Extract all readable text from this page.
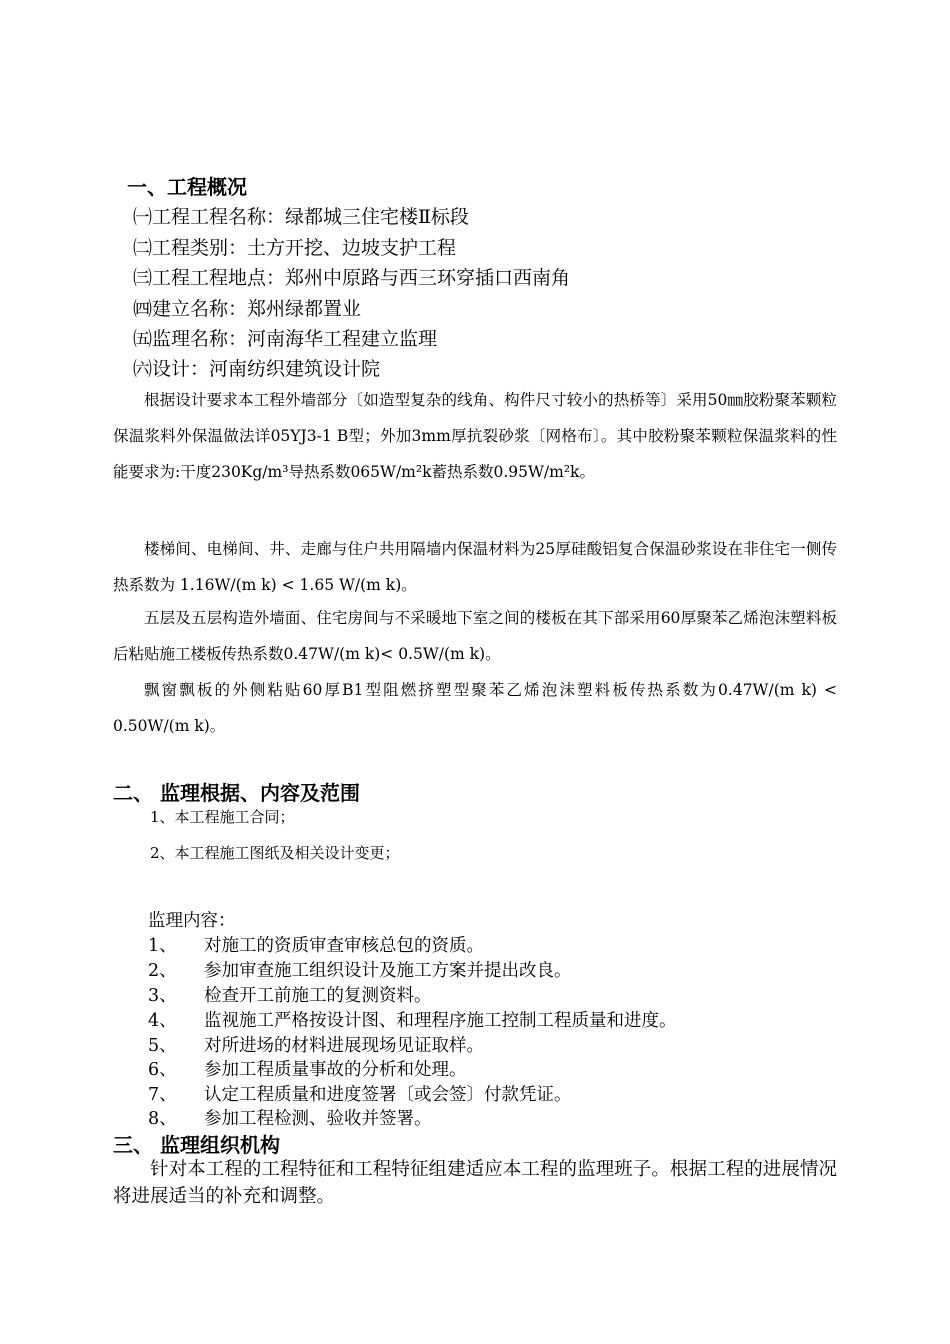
一、工程概况
㈠工程工程名称：绿都城三住宅楼Ⅱ标段
㈡工程类别：土方开挖、边坡支护工程
㈢工程工程地点：郑州中原路与西三环穿插口西南角
㈣建立名称：郑州绿都置业
㈤监理名称：河南海华工程建立监理
㈥设计：河南纺织建筑设计院
根据设计要求本工程外墙部分〔如造型复杂的线角、构件尺寸较小的热桥等〕采用50㎜胶粉聚苯颗粒保温浆料外保温做法详05YJ3-1 B型；外加3mm厚抗裂砂浆〔网格布〕。其中胶粉聚苯颗粒保温浆料的性能要求为:干度230Kg/m³导热系数065W/m²k蓄热系数0.95W/m²k。
楼梯间、电梯间、井、走廊与住户共用隔墙内保温材料为25厚硅酸铝复合保温砂浆设在非住宅一侧传热系数为 1.16W/(m k) < 1.65 W/(m k)。
五层及五层构造外墙面、住宅房间与不采暖地下室之间的楼板在其下部采用60厚聚苯乙烯泡沫塑料板后粘贴施工楼板传热系数0.47W/(m k)< 0.5W/(m k)。
飘窗飘板的外侧粘贴60厚B1型阻燃挤塑型聚苯乙烯泡沫塑料板传热系数为0.47W/(m k) < 0.50W/(m k)。
二、 监理根据、内容及范围
1、本工程施工合同；
2、本工程施工图纸及相关设计变更；
监理内容：
1、 对施工的资质审查审核总包的资质。
2、 参加审查施工组织设计及施工方案并提出改良。
3、 检查开工前施工的复测资料。
4、 监视施工严格按设计图、和理程序施工控制工程质量和进度。
5、 对所进场的材料进展现场见证取样。
6、 参加工程质量事故的分析和处理。
7、 认定工程质量和进度签署〔或会签〕付款凭证。
8、 参加工程检测、验收并签署。
三、 监理组织机构
针对本工程的工程特征和工程特征组建适应本工程的监理班子。根据工程的进展情况将进展适当的补充和调整。
